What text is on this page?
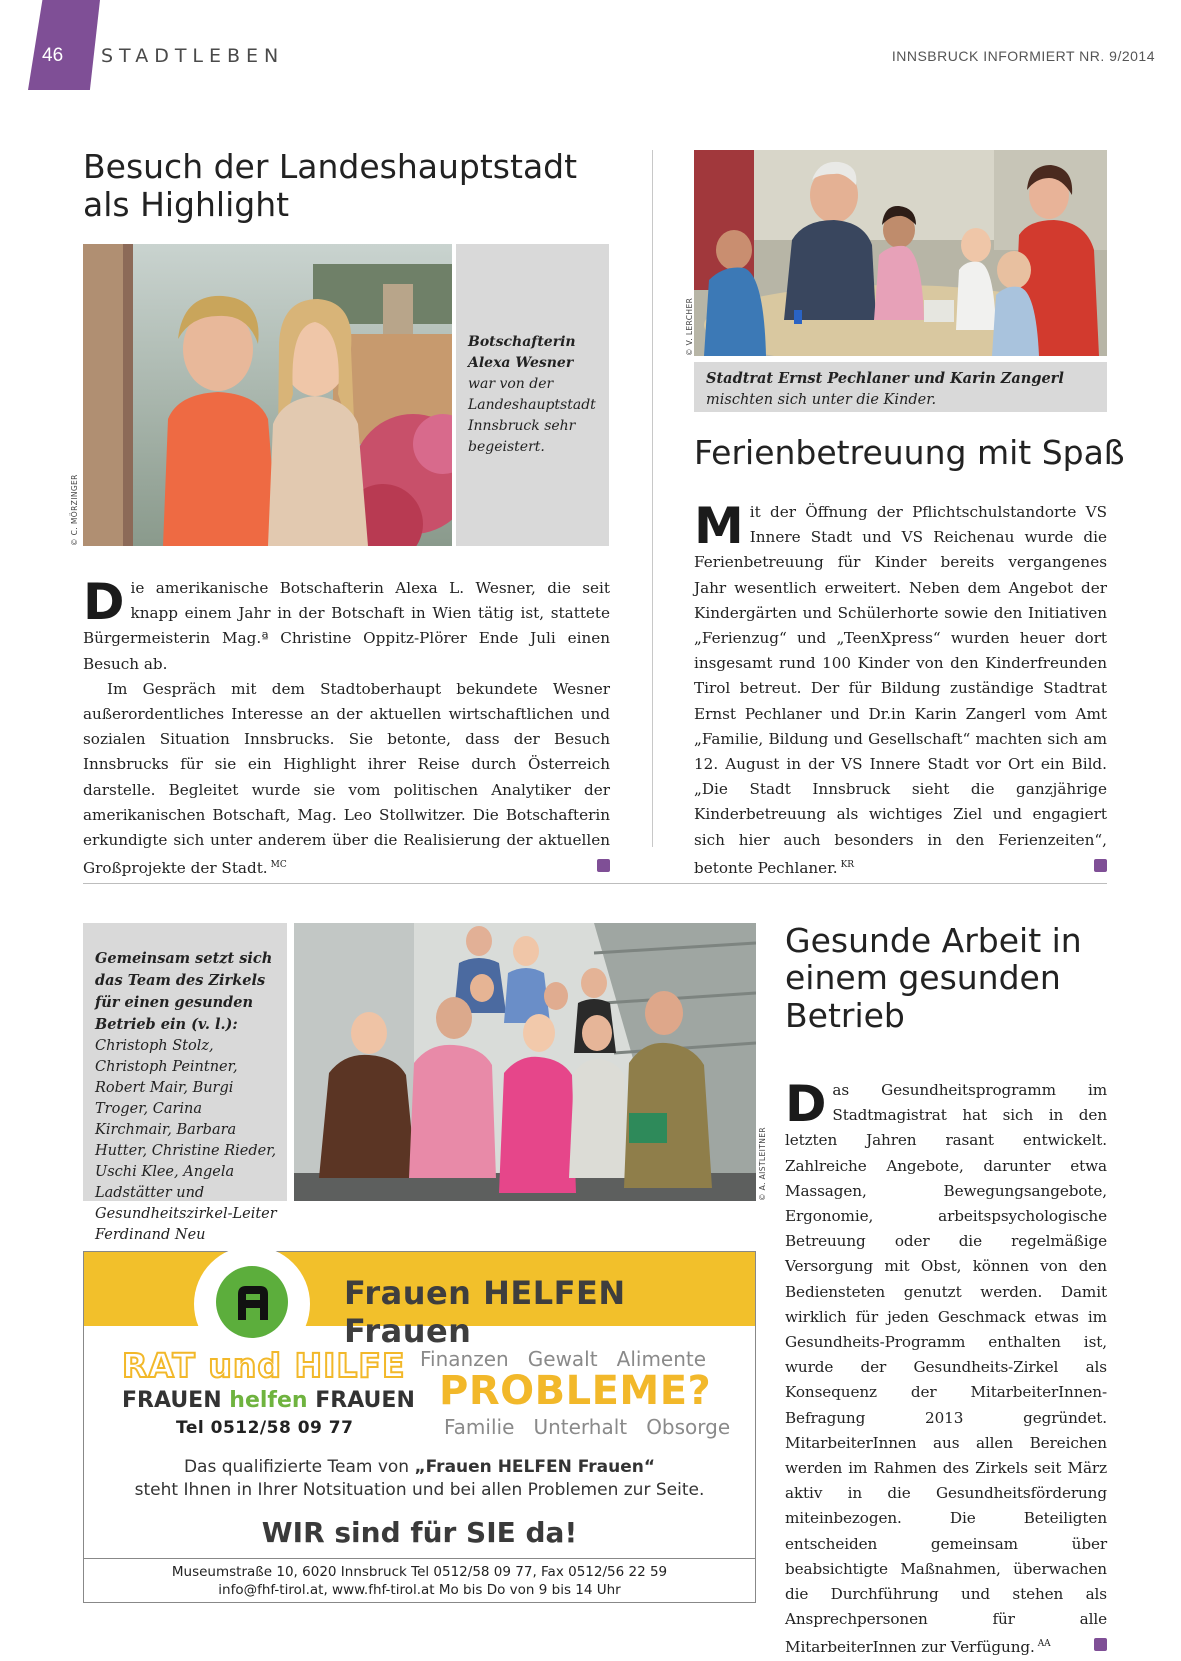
46 STADTLEBEN	INNSBRUCK INFORMIERT NR. 9/2014
Besuch der Landeshauptstadt als Highlight
© C. MÖRZINGER
Botschafterin Alexa Wesner war von der Landeshauptstadt Innsbruck sehr begeistert.

Die amerikanische Botschafterin Alexa L. Wesner, die seit knapp einem Jahr in der Botschaft in Wien tätig ist, stattete Bürgermeisterin Mag.ª Christine Oppitz-Plörer Ende Juli einen Besuch ab.

Im Gespräch mit dem Stadtoberhaupt bekundete Wesner außerordentliches Interesse an der aktuellen wirtschaftlichen und sozialen Situation Innsbrucks. Sie betonte, dass der Besuch Innsbrucks für sie ein Highlight ihrer Reise durch Österreich darstelle. Begleitet wurde sie vom politischen Analytiker der amerikanischen Botschaft, Mag. Leo Stollwitzer. Die Botschafterin erkundigte sich unter anderem über die Realisierung der aktuellen Großprojekte der Stadt. $^{MC}$

© V. LERCHER
Stadtrat Ernst Pechlaner und Karin Zangerl mischten sich unter die Kinder.
Ferienbetreuung mit Spaß

Mit der Öffnung der Pflichtschulstandorte VS Innere Stadt und VS Reichenau wurde die Ferienbetreuung für Kinder bereits vergangenes Jahr wesentlich erweitert. Neben dem Angebot der Kindergärten und Schülerhorte sowie den Initiativen „Ferienzug“ und „TeenXpress“ wurden heuer dort insgesamt rund 100 Kinder von den Kinderfreunden Tirol betreut. Der für Bildung zuständige Stadtrat Ernst Pechlaner und Dr.in Karin Zangerl vom Amt „Familie, Bildung und Gesellschaft“ machten sich am 12. August in der VS Innere Stadt vor Ort ein Bild. „Die Stadt Innsbruck sieht die ganzjährige Kinderbetreuung als wichtiges Ziel und engagiert sich hier auch besonders in den Ferienzeiten“, betonte Pechlaner. $^{KR}$

Gemeinsam setzt sich das Team des Zirkels für einen gesunden Betrieb ein (v. l.): Christoph Stolz, Christoph Peintner, Robert Mair, Burgi Troger, Carina Kirchmair, Barbara Hutter, Christine Rieder, Uschi Klee, Angela Ladstätter und Gesundheitszirkel-Leiter Ferdinand Neu
© A. AISTLEITNER
Gesunde Arbeit in einem gesunden Betrieb

Das Gesundheitsprogramm im Stadtmagistrat hat sich in den letzten Jahren rasant entwickelt. Zahlreiche Angebote, darunter etwa Massagen, Bewegungsangebote, Ergonomie, arbeitspsychologische Betreuung oder die regelmäßige Versorgung mit Obst, können von den Bediensteten genutzt werden. Damit wirklich für jeden Geschmack etwas im Gesundheits-Programm enthalten ist, wurde der Gesundheits-Zirkel als Konsequenz der MitarbeiterInnen-Befragung 2013 gegründet. MitarbeiterInnen aus allen Bereichen werden im Rahmen des Zirkels seit März aktiv in die Gesundheitsförderung miteinbezogen. Die Beteiligten entscheiden gemeinsam über beabsichtigte Maßnahmen, überwachen die Durchführung und stehen als Ansprechpersonen für alle MitarbeiterInnen zur Verfügung. $^{AA}$

Frauen HELFEN Frauen
RAT und HILFE
FRAUEN helfen FRAUEN
Tel 0512/58 09 77
Finanzen   Gewalt   Alimente
PROBLEME?
Familie   Unterhalt   Obsorge
Das qualifizierte Team von „Frauen HELFEN Frauen“
steht Ihnen in Ihrer Notsituation und bei allen Problemen zur Seite.
WIR sind für SIE da!
Museumstraße 10, 6020 Innsbruck Tel 0512/58 09 77, Fax 0512/56 22 59
info@fhf-tirol.at, www.fhf-tirol.at Mo bis Do von 9 bis 14 Uhr
